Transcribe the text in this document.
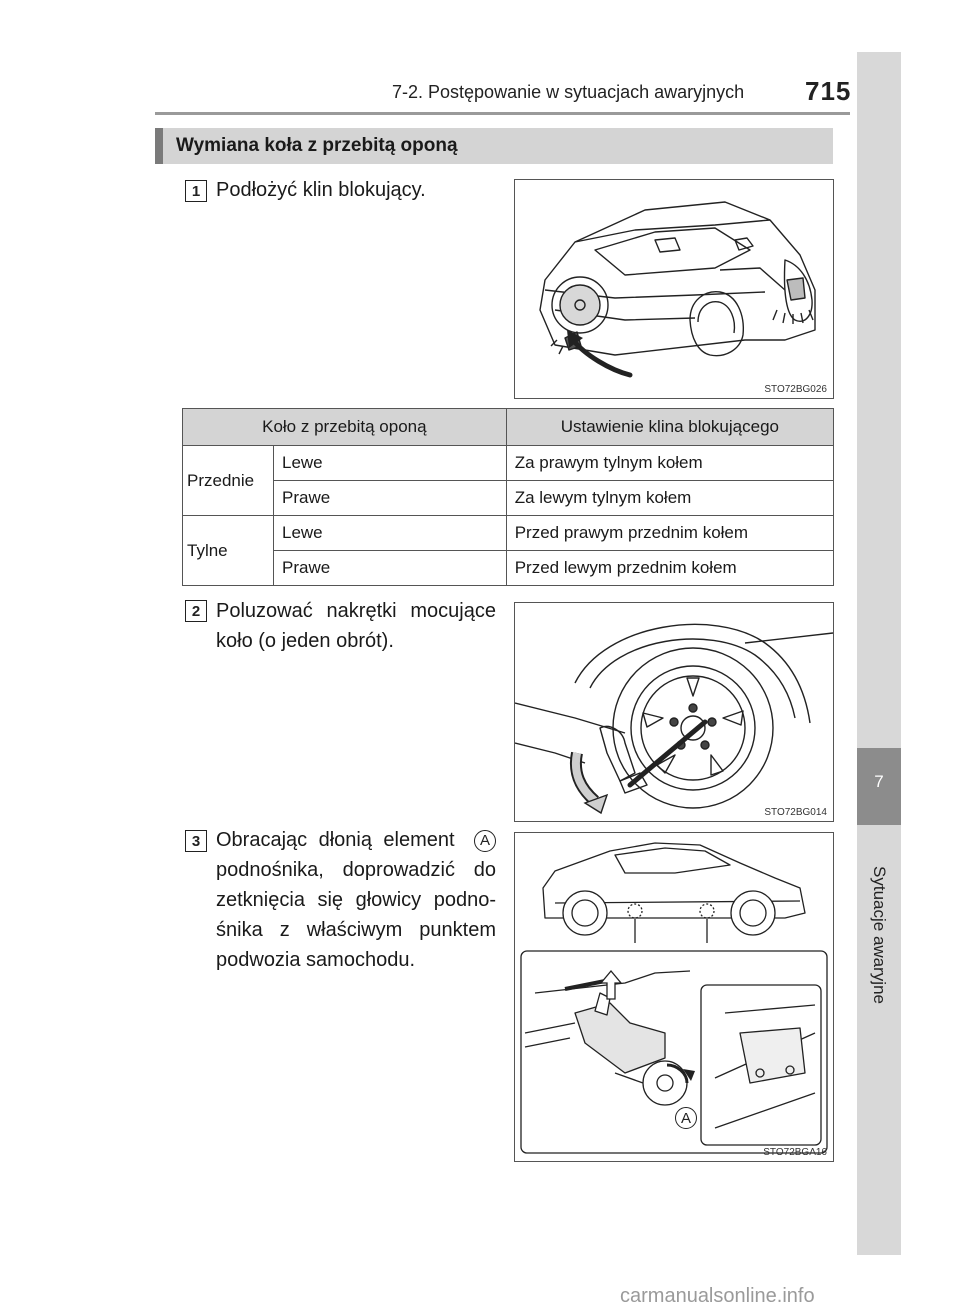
7-2. Postępowanie w sytuacjach awaryjnych 715
7
Sytuacje awaryjne
Wymiana koła z przebitą oponą
1 Podłożyć klin blokujący.
STO72BG026
Koło z przebitą oponą		Ustawienie klina blokującego
Przednie	Lewe	Za prawym tylnym kołem
	Prawe	Za lewym tylnym kołem
Tylne	Lewe	Przed prawym przednim kołem
	Prawe	Przed lewym przednim kołem
2 Poluzować nakrętki mocujące koło (o jeden obrót).
STO72BG014
3 Obracając dłonią element A podnośnika, doprowadzić do zetknięcia się głowicy podno-śnika z właściwym punktem podwozia samochodu.
A
STO72BGA16
carmanualsonline.info
